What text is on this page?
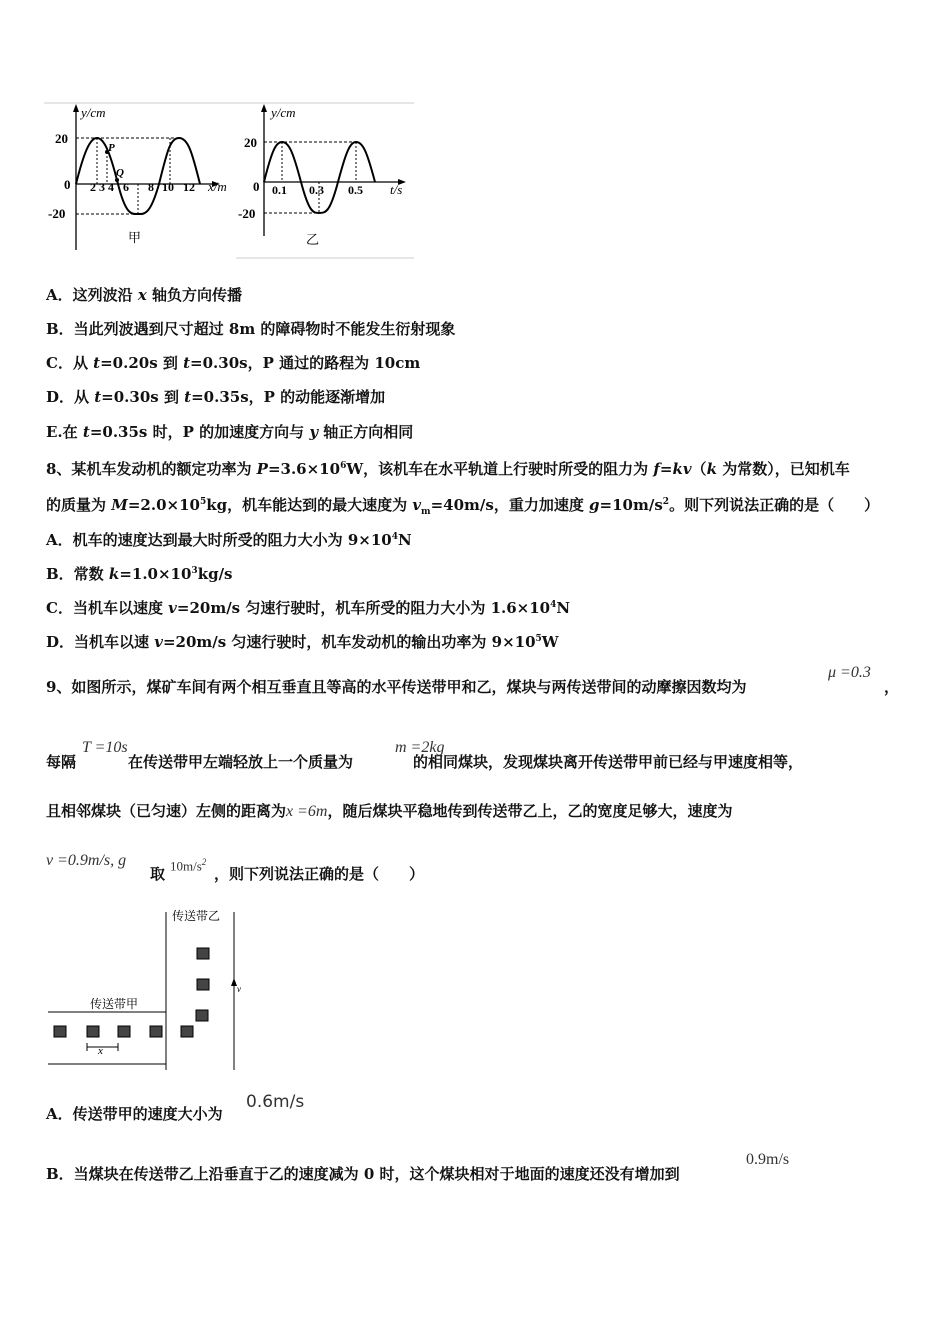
y/cm
20
-20
0
P
Q
2 3 4 6 8 10 12 x/m
甲
y/cm
20
-20
0 0.1 0.3 0.5 t/s
乙
A．这列波沿 x 轴负方向传播
B．当此列波遇到尺寸超过 8m 的障碍物时不能发生衍射现象
C．从 t=0.20s 到 t=0.30s，P 通过的路程为 10cm
D．从 t=0.30s 到 t=0.35s，P 的动能逐渐增加
E.在 t=0.35s 时，P 的加速度方向与 y 轴正方向相同
8、某机车发动机的额定功率为 $P=3.6\times 10^6W$，该机车在水平轨道上行驶时所受的阻力为 f=kv（k 为常数），已知机车
的质量为 $M=2.0\times 10^5kg$，机车能达到的最大速度为 $v_m=40m/s$，重力加速度 $g=10m/s^2$。则下列说法正确的是（　　）
A．机车的速度达到最大时所受的阻力大小为 $9\times 10^4N$
B．常数 $k=1.0\times 10^3kg/s$
C．当机车以速度 v=20m/s 匀速行驶时，机车所受的阻力大小为 $1.6\times 10^4N$
D．当机车以速 v=20m/s 匀速行驶时，机车发动机的输出功率为 $9\times 10^5W$
9、如图所示，煤矿车间有两个相互垂直且等高的水平传送带甲和乙，煤块与两传送带间的动摩擦因数均为
μ =0.3
，
每隔	在传送带甲左端轻放上一个质量为	的相同煤块，发现煤块离开传送带甲前已经与甲速度相等，
T =10s	m =2kg
且相邻煤块（已匀速）左侧的距离为x =6m，随后煤块平稳地传到传送带乙上，乙的宽度足够大，速度为
v =0.9m/s, g
取 $10m/s^2$
，则下列说法正确的是（　　）
传送带乙
传送带甲
v
x
A．传送带甲的速度大小为
0.6m/s
B．当煤块在传送带乙上沿垂直于乙的速度减为 0 时，这个煤块相对于地面的速度还没有增加到
0.9m/s
